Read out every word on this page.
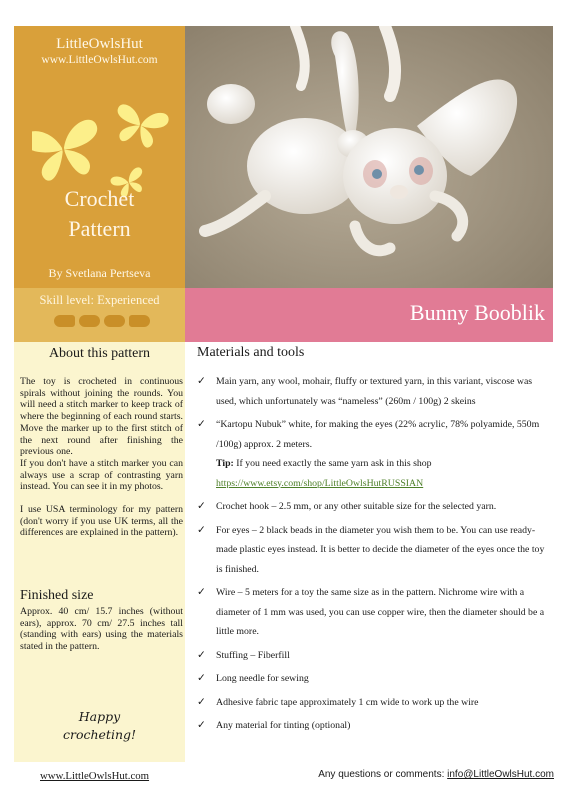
LittleOwlsHut
www.LittleOwlsHut.com
Crochet
Pattern
By Svetlana Pertseva
Skill level: Experienced	Bunny Booblik
About this pattern

The toy is crocheted in continuous spirals without joining the rounds. You will need a stitch marker to keep track of where the beginning of each round starts. Move the marker up to the first stitch of the next round after finishing the previous one.

If you don't have a stitch marker you can always use a scrap of contrasting yarn instead. You can see it in my photos.

I use USA terminology for my pattern (don't worry if you use UK terms, all the differences are explained in the pattern).

Finished size
Approx. 40 cm/ 15.7 inches (without ears), approx. 70 cm/ 27.5 inches tall (standing with ears) using the materials stated in the pattern.
Happy
crocheting!
Materials and tools
✓ Main yarn, any wool, mohair, fluffy or textured yarn, in this variant, viscose was used, which unfortunately was “nameless” (260m / 100g) 2 skeins
✓ “Kartopu Nubuk” white, for making the eyes (22% acrylic, 78% polyamide, 550m /100g) approx. 2 meters.
Tip: If you need exactly the same yarn ask in this shop
https://www.etsy.com/shop/LittleOwlsHutRUSSIAN
✓ Crochet hook – 2.5 mm, or any other suitable size for the selected yarn.
✓ For eyes – 2 black beads in the diameter you wish them to be. You can use ready-made plastic eyes instead. It is better to decide the diameter of the eyes once the toy is finished.
✓ Wire – 5 meters for a toy the same size as in the pattern. Nichrome wire with a diameter of 1 mm was used, you can use copper wire, then the diameter should be a little more.
✓ Stuffing – Fiberfill
✓ Long needle for sewing
✓ Adhesive fabric tape approximately 1 cm wide to work up the wire
✓ Any material for tinting (optional)
www.LittleOwlsHut.com	Any questions or comments: info@LittleOwlsHut.com
